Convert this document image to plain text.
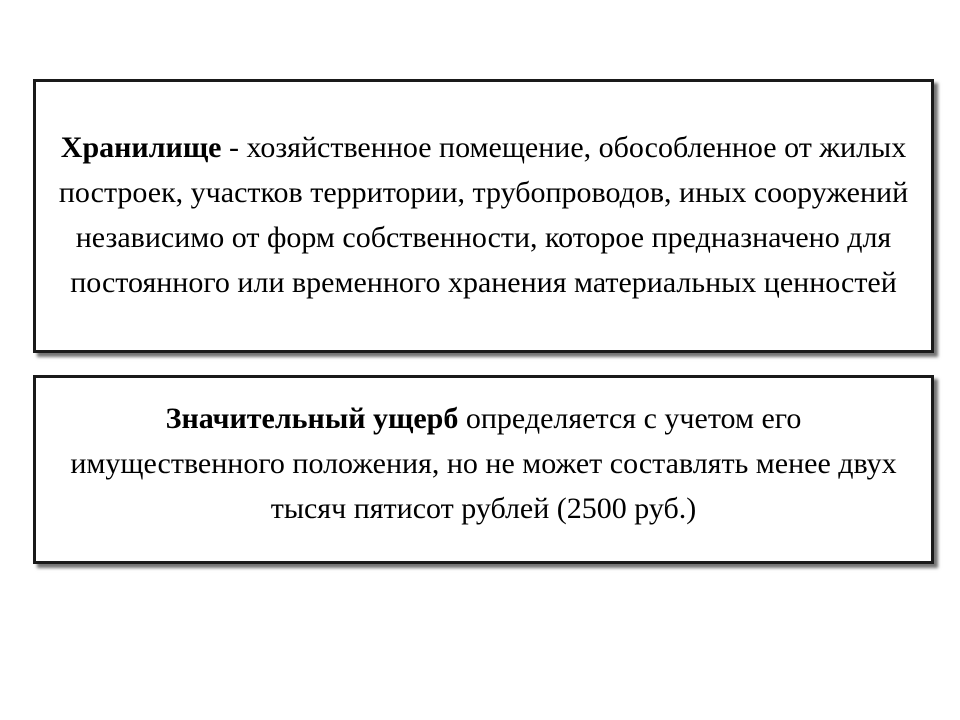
Хранилище - хозяйственное помещение, обособленное от жилых построек, участков территории, трубопроводов, иных сооружений независимо от форм собственности, которое предназначено для постоянного или временного хранения материальных ценностей

Значительный ущерб определяется с учетом его имущественного положения, но не может составлять менее двух тысяч пятисот рублей (2500 руб.)
